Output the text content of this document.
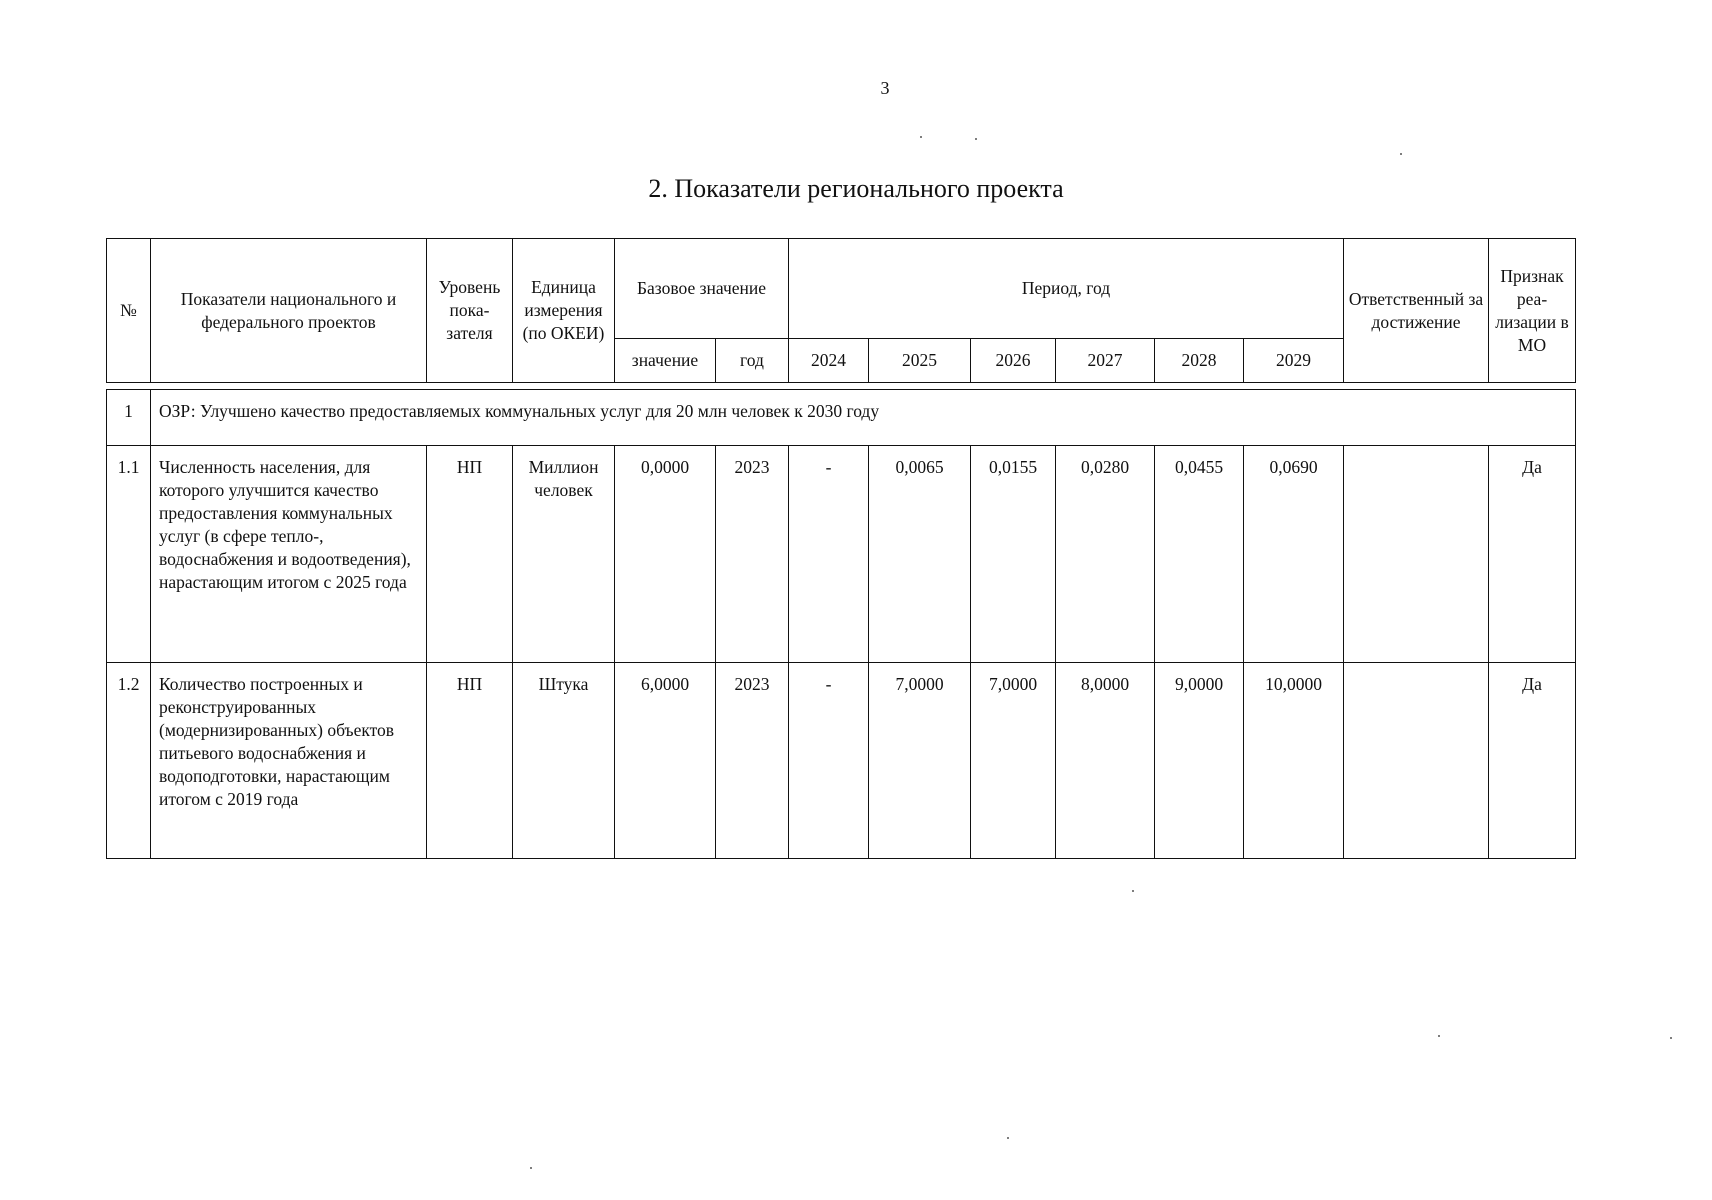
3
2. Показатели регионального проекта
№	Показатели национального и федерального проектов	Уровень пока-зателя	Единица измерения (по ОКЕИ)	Базовое значение		Период, год						Ответственный за достижение	Признак реа-лизации в МО
				значение	год	2024	2025	2026	2027	2028	2029		

1	ОЗР: Улучшено качество предоставляемых коммунальных услуг для 20 млн человек к 2030 году												
1.1	Численность населения, для которого улучшится качество предоставления коммунальных услуг (в сфере тепло-, водоснабжения и водоотведения), нарастающим итогом с 2025 года	НП	Миллион человек	0,0000	2023	-	0,0065	0,0155	0,0280	0,0455	0,0690		Да
1.2	Количество построенных и реконструированных (модернизированных) объектов питьевого водоснабжения и водоподготовки, нарастающим итогом с 2019 года	НП	Штука	6,0000	2023	-	7,0000	7,0000	8,0000	9,0000	10,0000		Да
